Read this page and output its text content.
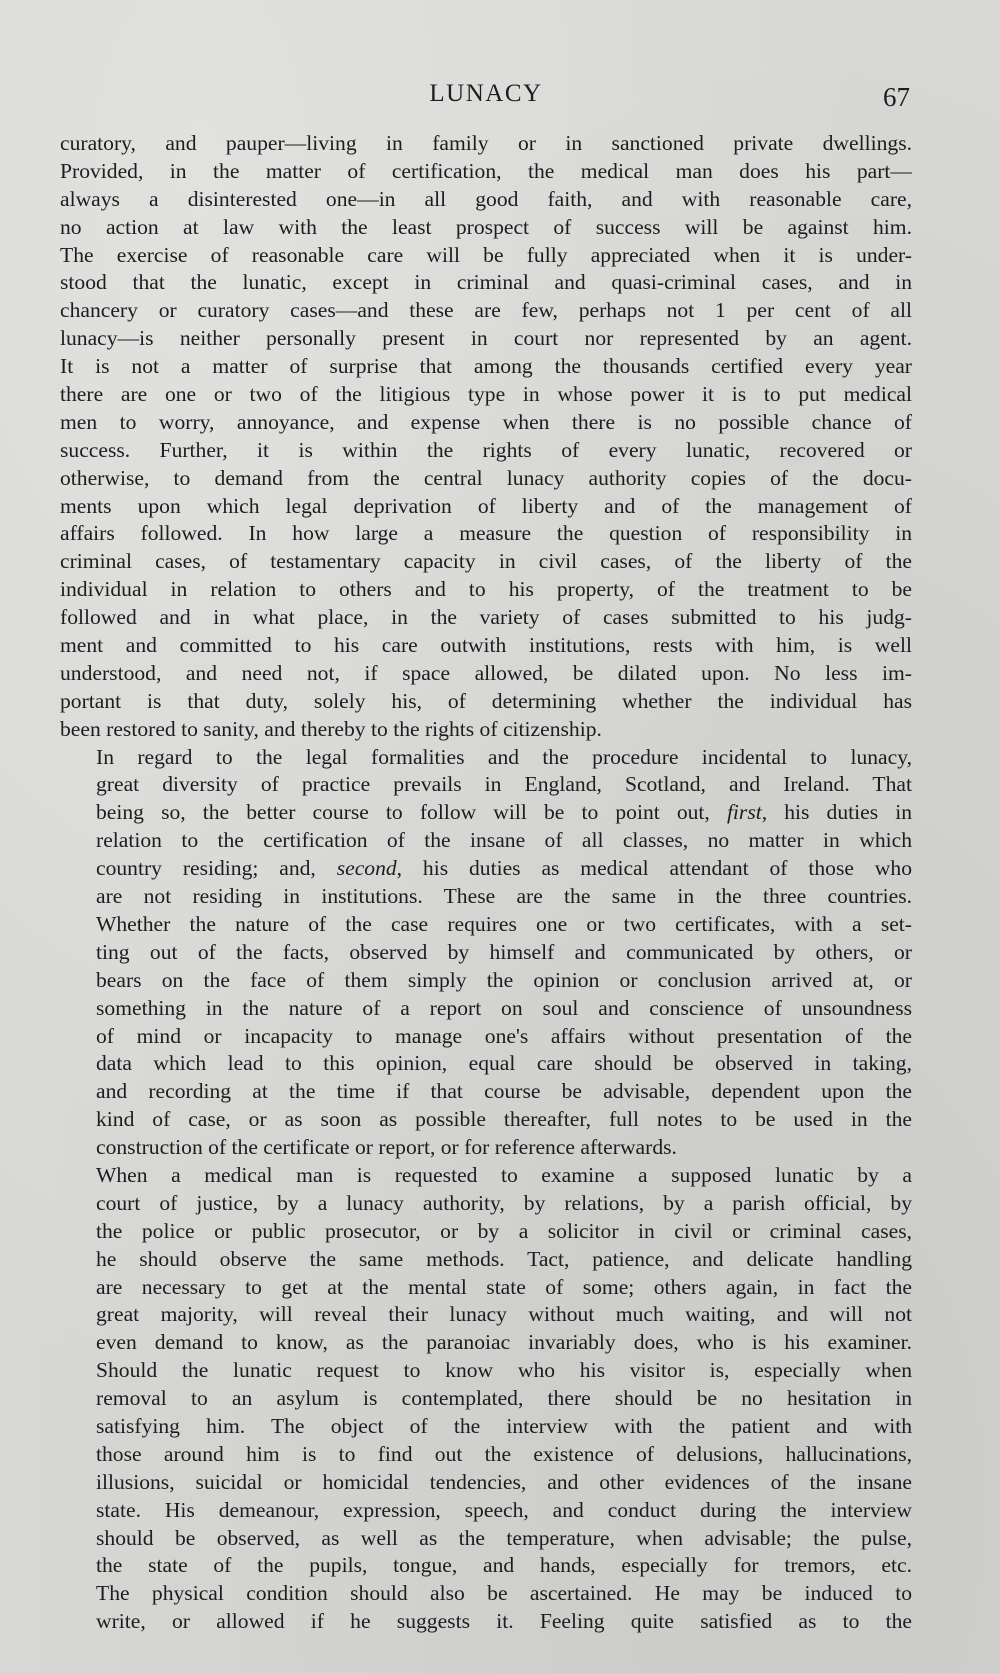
LUNACY	67
curatory, and pauper—living in family or in sanctioned private dwellings.
Provided, in the matter of certification, the medical man does his part—
always a disinterested one—in all good faith, and with reasonable care,
no action at law with the least prospect of success will be against him.
The exercise of reasonable care will be fully appreciated when it is under-
stood that the lunatic, except in criminal and quasi-criminal cases, and in
chancery or curatory cases—and these are few, perhaps not 1 per cent of all
lunacy—is neither personally present in court nor represented by an agent.
It is not a matter of surprise that among the thousands certified every year
there are one or two of the litigious type in whose power it is to put medical
men to worry, annoyance, and expense when there is no possible chance of
success. Further, it is within the rights of every lunatic, recovered or
otherwise, to demand from the central lunacy authority copies of the docu-
ments upon which legal deprivation of liberty and of the management of
affairs followed. In how large a measure the question of responsibility in
criminal cases, of testamentary capacity in civil cases, of the liberty of the
individual in relation to others and to his property, of the treatment to be
followed and in what place, in the variety of cases submitted to his judg-
ment and committed to his care outwith institutions, rests with him, is well
understood, and need not, if space allowed, be dilated upon. No less im-
portant is that duty, solely his, of determining whether the individual has
been restored to sanity, and thereby to the rights of citizenship.
In regard to the legal formalities and the procedure incidental to lunacy,
great diversity of practice prevails in England, Scotland, and Ireland. That
being so, the better course to follow will be to point out, first, his duties in
relation to the certification of the insane of all classes, no matter in which
country residing; and, second, his duties as medical attendant of those who
are not residing in institutions. These are the same in the three countries.
Whether the nature of the case requires one or two certificates, with a set-
ting out of the facts, observed by himself and communicated by others, or
bears on the face of them simply the opinion or conclusion arrived at, or
something in the nature of a report on soul and conscience of unsoundness
of mind or incapacity to manage one's affairs without presentation of the
data which lead to this opinion, equal care should be observed in taking,
and recording at the time if that course be advisable, dependent upon the
kind of case, or as soon as possible thereafter, full notes to be used in the
construction of the certificate or report, or for reference afterwards.
When a medical man is requested to examine a supposed lunatic by a
court of justice, by a lunacy authority, by relations, by a parish official, by
the police or public prosecutor, or by a solicitor in civil or criminal cases,
he should observe the same methods. Tact, patience, and delicate handling
are necessary to get at the mental state of some; others again, in fact the
great majority, will reveal their lunacy without much waiting, and will not
even demand to know, as the paranoiac invariably does, who is his examiner.
Should the lunatic request to know who his visitor is, especially when
removal to an asylum is contemplated, there should be no hesitation in
satisfying him. The object of the interview with the patient and with
those around him is to find out the existence of delusions, hallucinations,
illusions, suicidal or homicidal tendencies, and other evidences of the insane
state. His demeanour, expression, speech, and conduct during the interview
should be observed, as well as the temperature, when advisable; the pulse,
the state of the pupils, tongue, and hands, especially for tremors, etc.
The physical condition should also be ascertained. He may be induced to
write, or allowed if he suggests it. Feeling quite satisfied as to the
